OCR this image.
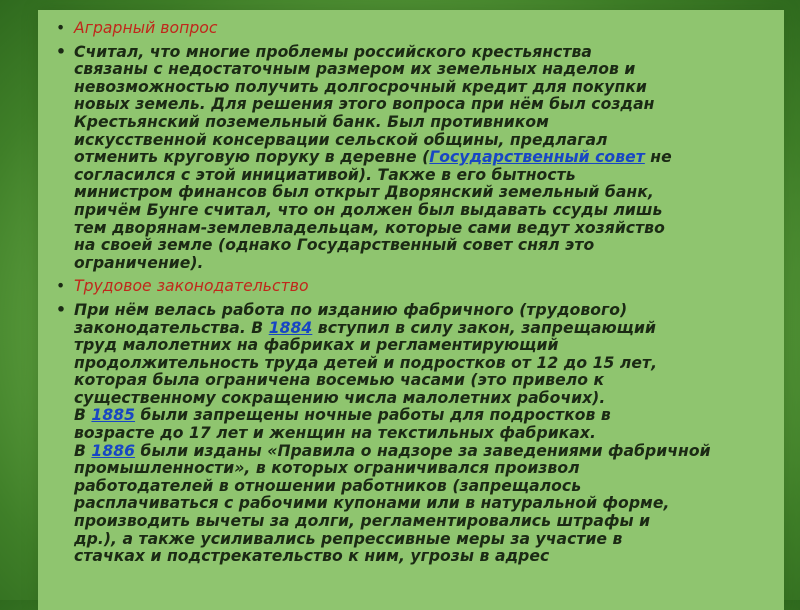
• Аграрный вопрос
• Считал, что многие проблемы российского крестьянства
связаны с недостаточным размером их земельных наделов и
невозможностью получить долгосрочный кредит для покупки
новых земель. Для решения этого вопроса при нём был создан
Крестьянский поземельный банк. Был противником
искусственной консервации сельской общины, предлагал
отменить круговую поруку в деревне (Государственный совет не
согласился с этой инициативой). Также в его бытность
министром финансов был открыт Дворянский земельный банк,
причём Бунге считал, что он должен был выдавать ссуды лишь
тем дворянам-землевладельцам, которые сами ведут хозяйство
на своей земле (однако Государственный совет снял это
ограничение).
• Трудовое законодательство
• При нём велась работа по изданию фабричного (трудового)
законодательства. В 1884 вступил в силу закон, запрещающий
труд малолетних на фабриках и регламентирующий
продолжительность труда детей и подростков от 12 до 15 лет,
которая была ограничена восемью часами (это привело к
существенному сокращению числа малолетних рабочих).
В 1885 были запрещены ночные работы для подростков в
возрасте до 17 лет и женщин на текстильных фабриках.
В 1886 были изданы «Правила о надзоре за заведениями фабричной
промышленности», в которых ограничивался произвол
работодателей в отношении работников (запрещалось
расплачиваться с рабочими купонами или в натуральной форме,
производить вычеты за долги, регламентировались штрафы и
др.), а также усиливались репрессивные меры за участие в
стачках и подстрекательство к ним, угрозы в адрес
